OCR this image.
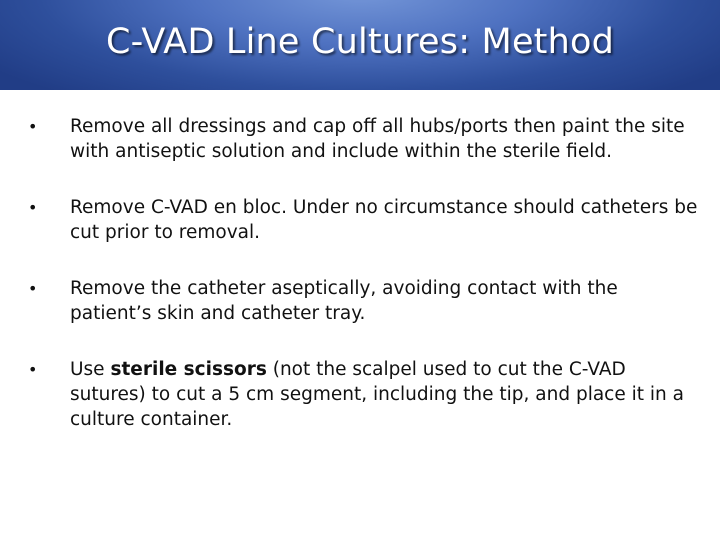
C-VAD Line Cultures: Method
•	Remove all dressings and cap off all hubs/ports then paint the site with antiseptic solution and include within the sterile field.
•	Remove C-VAD en bloc. Under no circumstance should catheters be cut prior to removal.
•	Remove the catheter aseptically, avoiding contact with the patient’s skin and catheter tray.
•	Use sterile scissors (not the scalpel used to cut the C-VAD sutures) to cut a 5 cm segment, including the tip, and place it in a culture container.
